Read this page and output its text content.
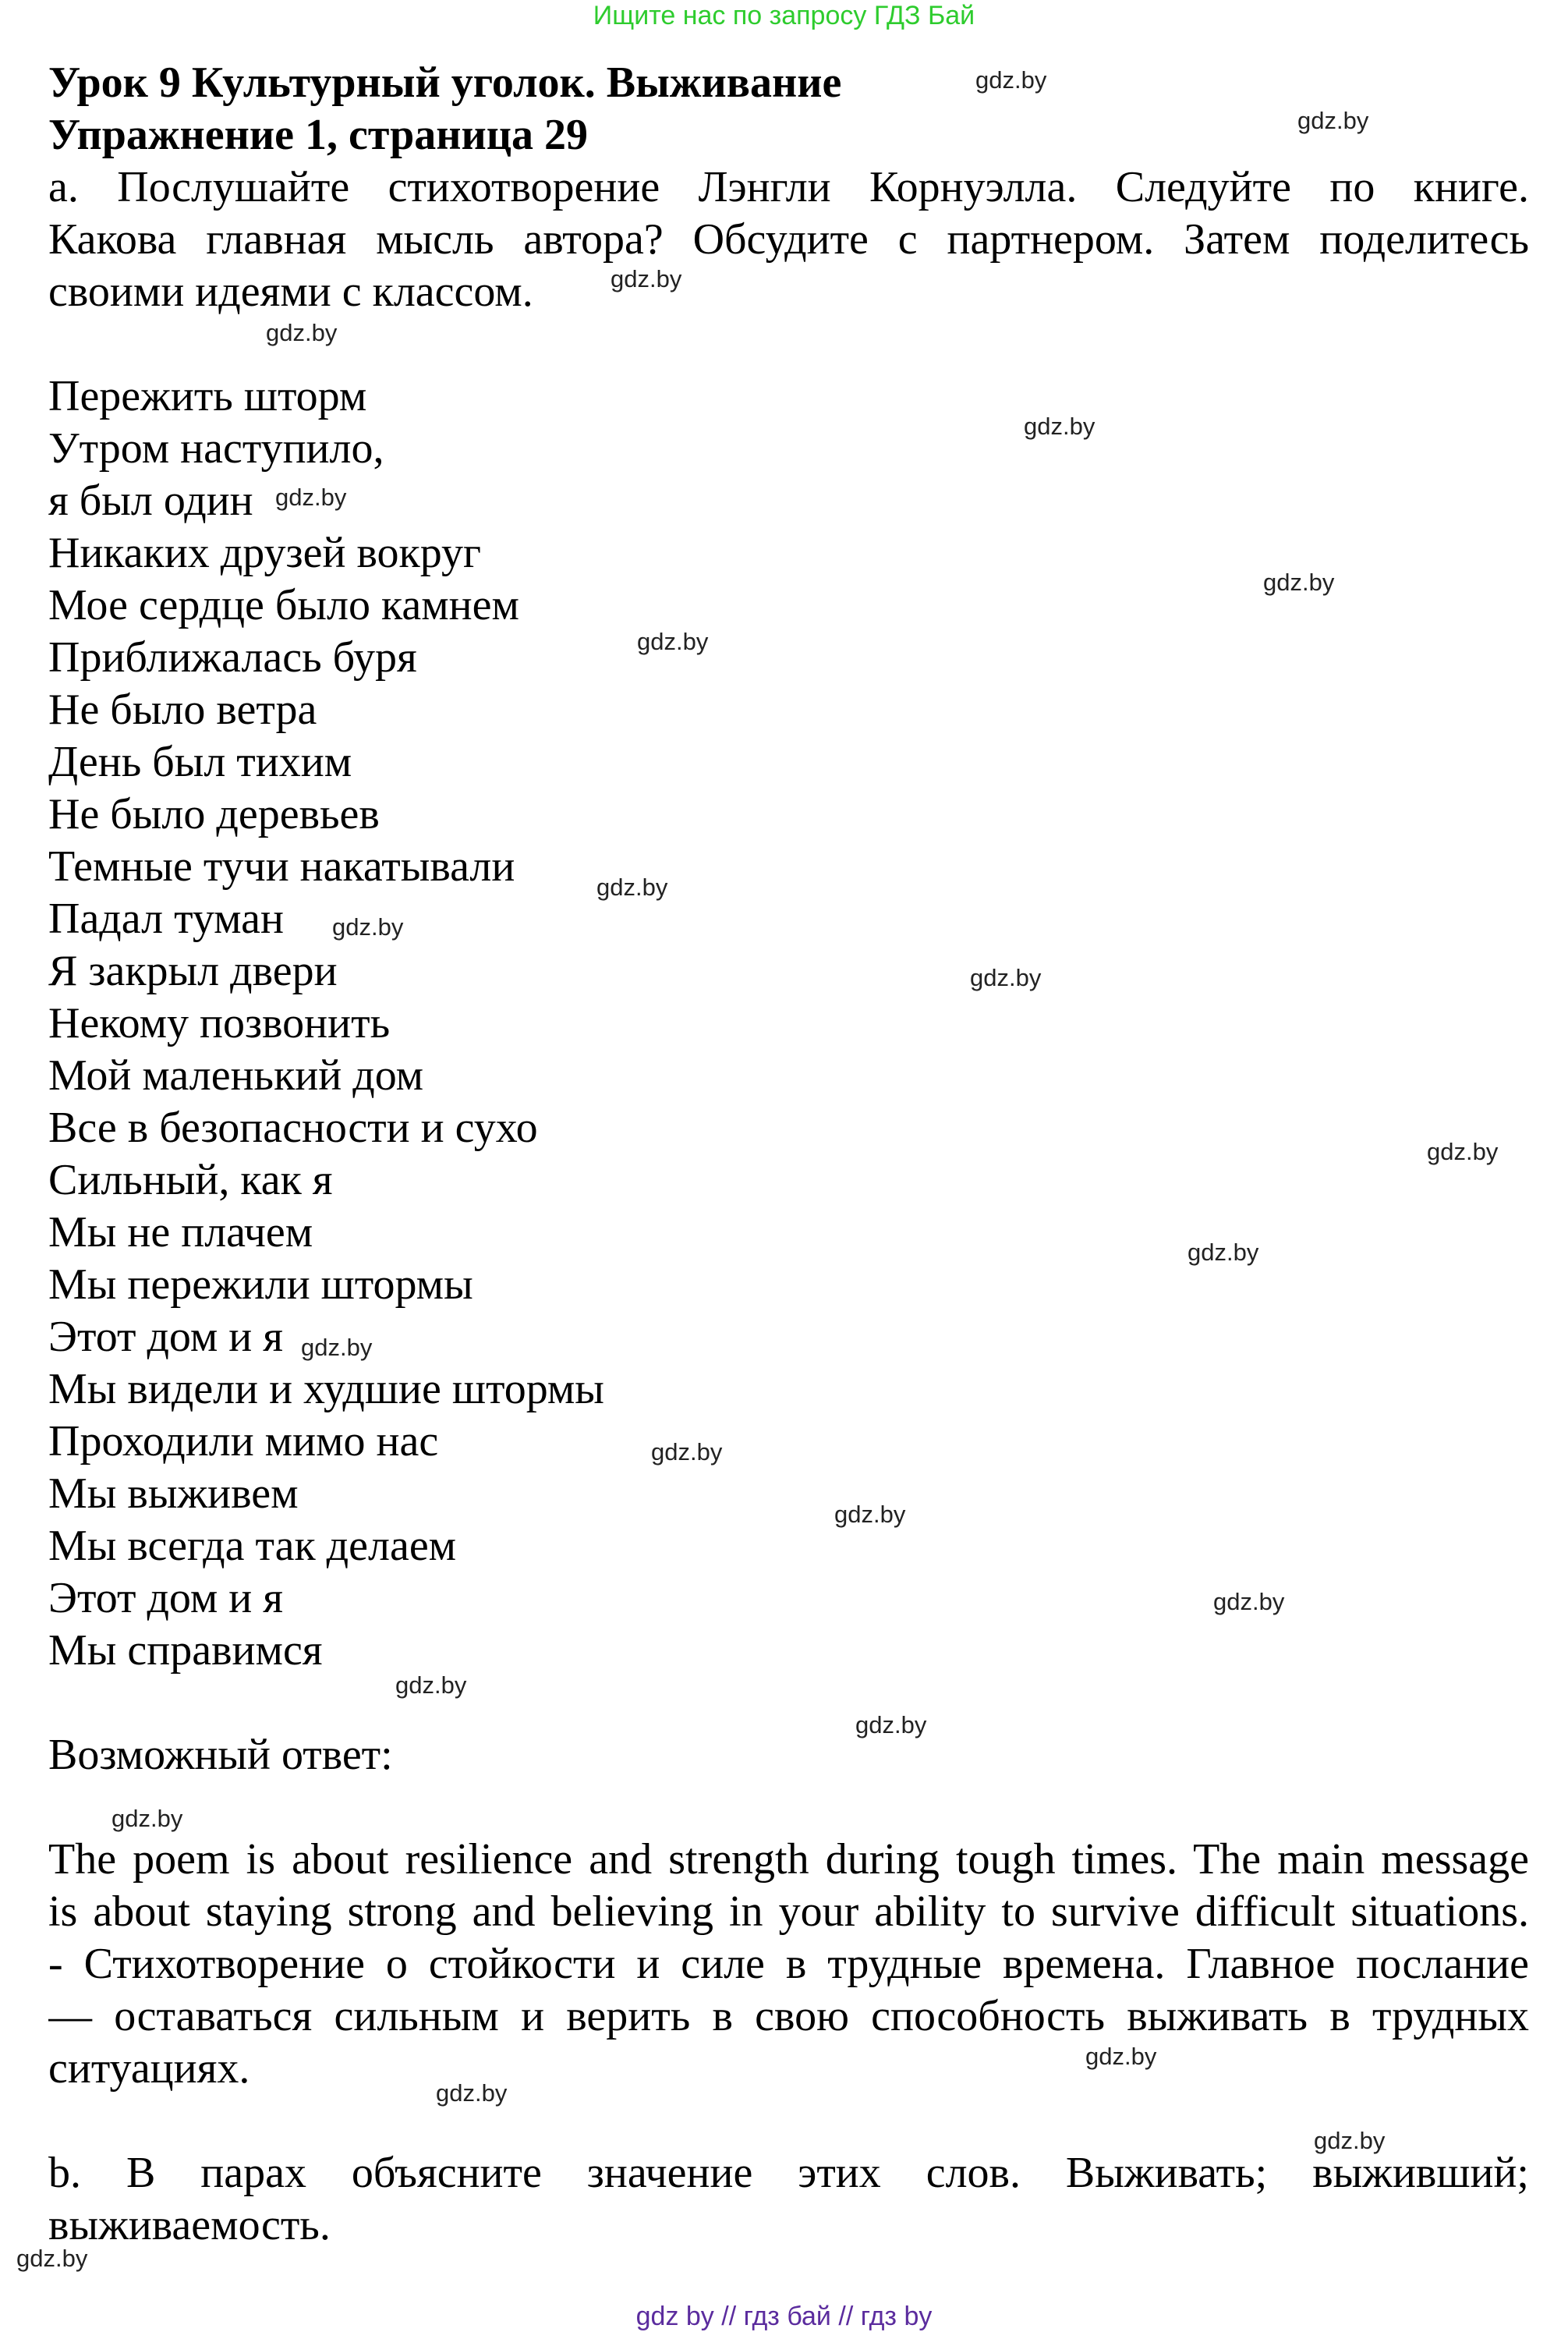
Ищите нас по запросу ГДЗ Бай
Урок 9 Культурный уголок. Выживание
Упражнение 1, страница 29
a. Послушайте стихотворение Лэнгли Корнуэлла. Следуйте по книге.
Какова главная мысль автора? Обсудите с партнером. Затем поделитесь
своими идеями с классом.
Пережить шторм
Утром наступило,
я был один
Никаких друзей вокруг
Мое сердце было камнем
Приближалась буря
Не было ветра
День был тихим
Не было деревьев
Темные тучи накатывали
Падал туман
Я закрыл двери
Некому позвонить
Мой маленький дом
Все в безопасности и сухо
Сильный, как я
Мы не плачем
Мы пережили штормы
Этот дом и я
Мы видели и худшие штормы
Проходили мимо нас
Мы выживем
Мы всегда так делаем
Этот дом и я
Мы справимся
Возможный ответ:
The poem is about resilience and strength during tough times. The main message
is about staying strong and believing in your ability to survive difficult situations.
- Стихотворение о стойкости и силе в трудные времена. Главное послание
— оставаться сильным и верить в свою способность выживать в трудных
ситуациях.
b. В парах объясните значение этих слов. Выживать; выживший;
выживаемость.
gdz.by
gdz.by
gdz.by
gdz.by
gdz.by
gdz.by
gdz.by
gdz.by
gdz.by
gdz.by
gdz.by
gdz.by
gdz.by
gdz.by
gdz.by
gdz.by
gdz.by
gdz.by
gdz.by
gdz.by
gdz.by
gdz.by
gdz.by
gdz.by
gdz by // гдз бай // гдз by
